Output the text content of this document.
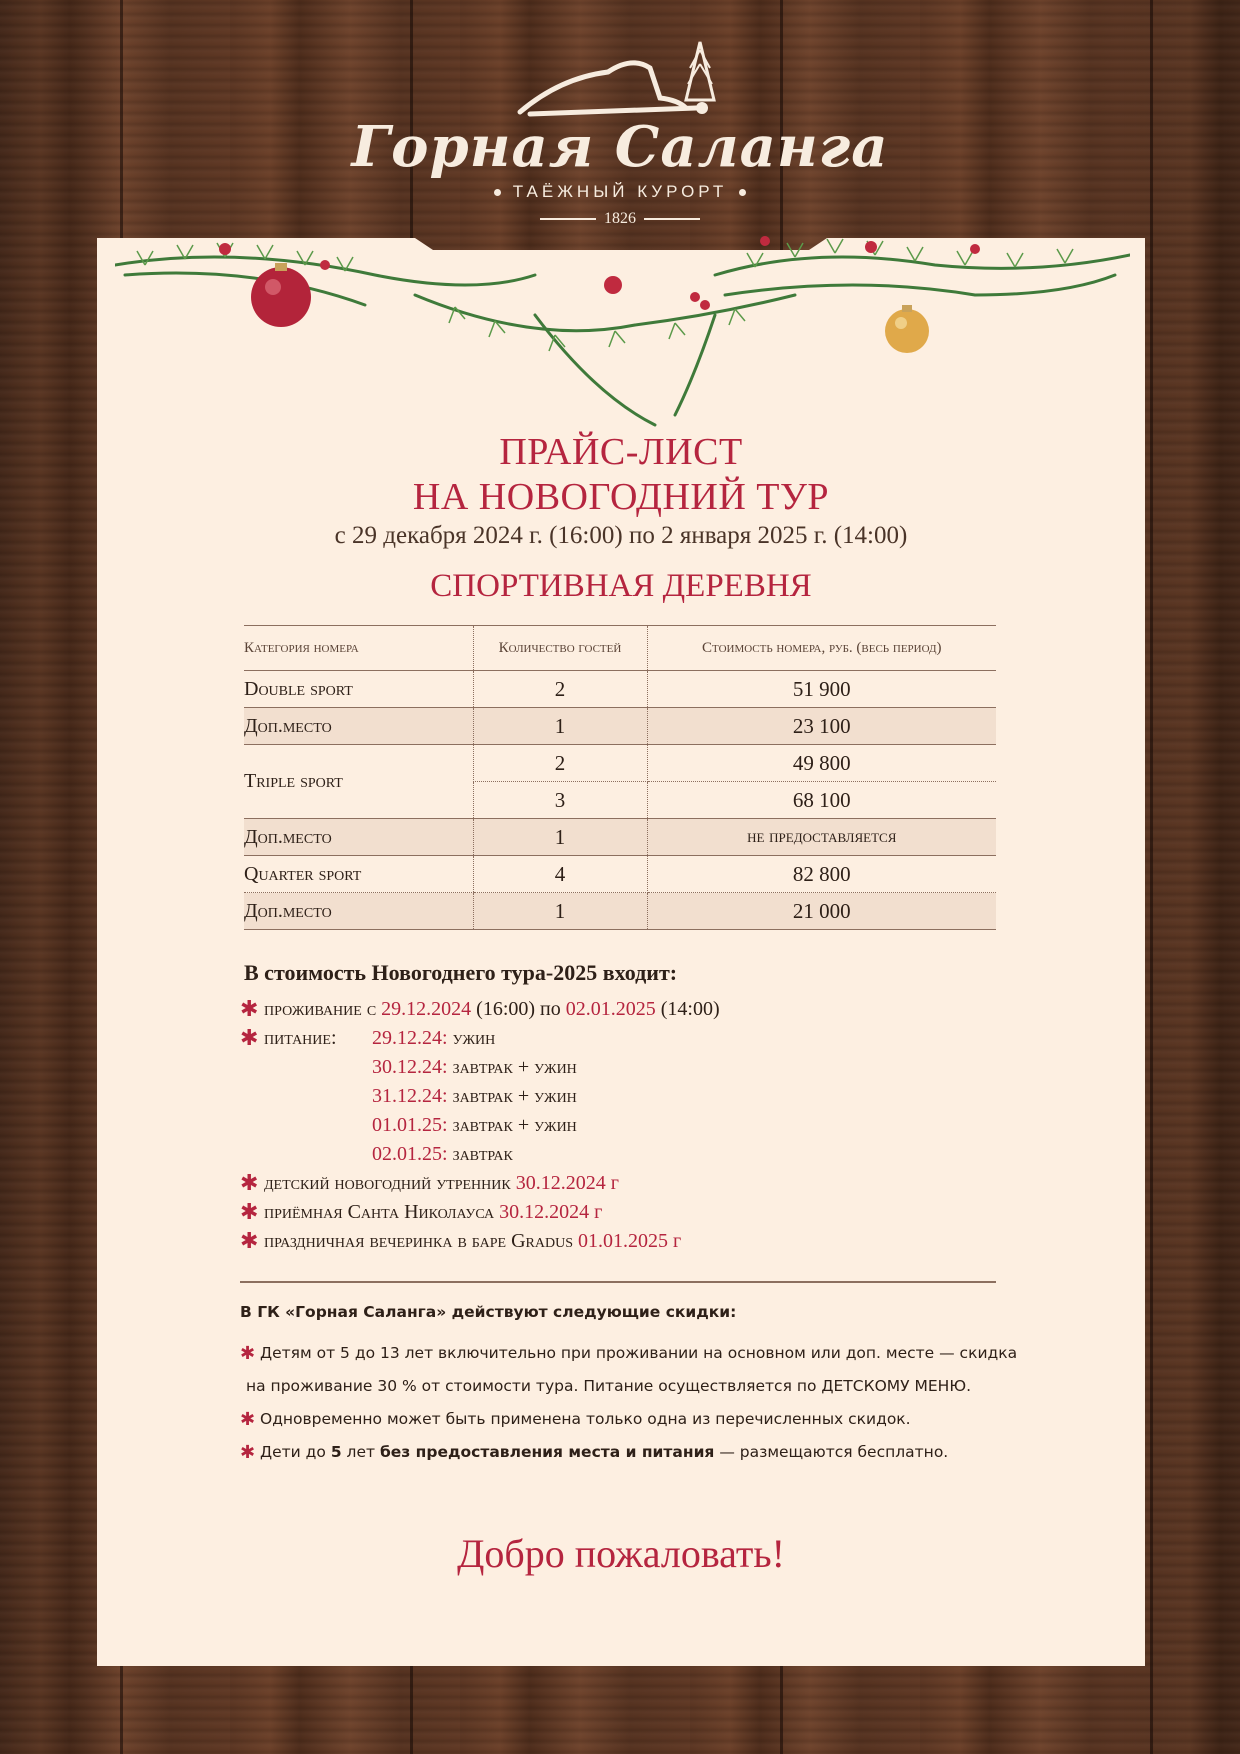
Горная Саланга
ТАЁЖНЫЙ КУРОРТ
1826
ПРАЙС-ЛИСТ
НА НОВОГОДНИЙ ТУР
с 29 декабря 2024 г. (16:00) по 2 января 2025 г. (14:00)
СПОРТИВНАЯ ДЕРЕВНЯ
Категория номера	Количество гостей	Стоимость номера, руб. (весь период)
Double sport	2	51 900
Доп.место	1	23 100
Triple sport	2	49 800
	3	68 100
Доп.место	1	не предоставляется
Quarter sport	4	82 800
Доп.место	1	21 000
В стоимость Новогоднего тура-2025 входит:
✱ проживание с 29.12.2024 (16:00) по 02.01.2025 (14:00)
✱ питание: 29.12.24: ужин
30.12.24: завтрак + ужин
31.12.24: завтрак + ужин
01.01.25: завтрак + ужин
02.01.25: завтрак
✱ детский новогодний утренник 30.12.2024 г
✱ приёмная Санта Николауса 30.12.2024 г
✱ праздничная вечеринка в баре Gradus 01.01.2025 г
В ГК «Горная Саланга» действуют следующие скидки:
✱ Детям от 5 до 13 лет включительно при проживании на основном или доп. месте — скидка
на проживание 30 % от стоимости тура. Питание осуществляется по ДЕТСКОМУ МЕНЮ.
✱ Одновременно может быть применена только одна из перечисленных скидок.
✱ Дети до 5 лет без предоставления места и питания — размещаются бесплатно.
Добро пожаловать!
